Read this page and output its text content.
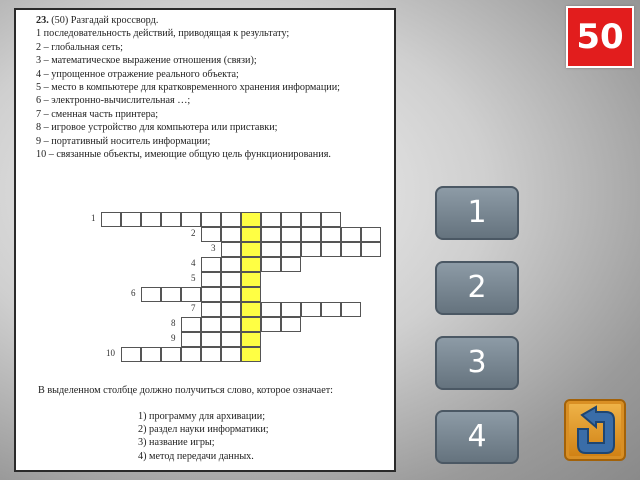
23. (50) Разгадай кроссворд.
1 последовательность действий, приводящая к результату;
2 – глобальная сеть;
3 – математическое выражение отношения (связи);
4 – упрощенное отражение реального объекта;
5 – место в компьютере для кратковременного хранения информации;
6 – электронно-вычислительная …;
7 – сменная часть принтера;
8 – игровое устройство для компьютера или приставки;
9 – портативный носитель информации;
10 – связанные объекты, имеющие общую цель функционирования.
1
2
3
4
5
6
7
8
9
10
В выделенном столбце должно получиться слово, которое означает:
1) программу для архивации;
2) раздел науки информатики;
3) название игры;
4) метод передачи данных.
50
1
2
3
4
